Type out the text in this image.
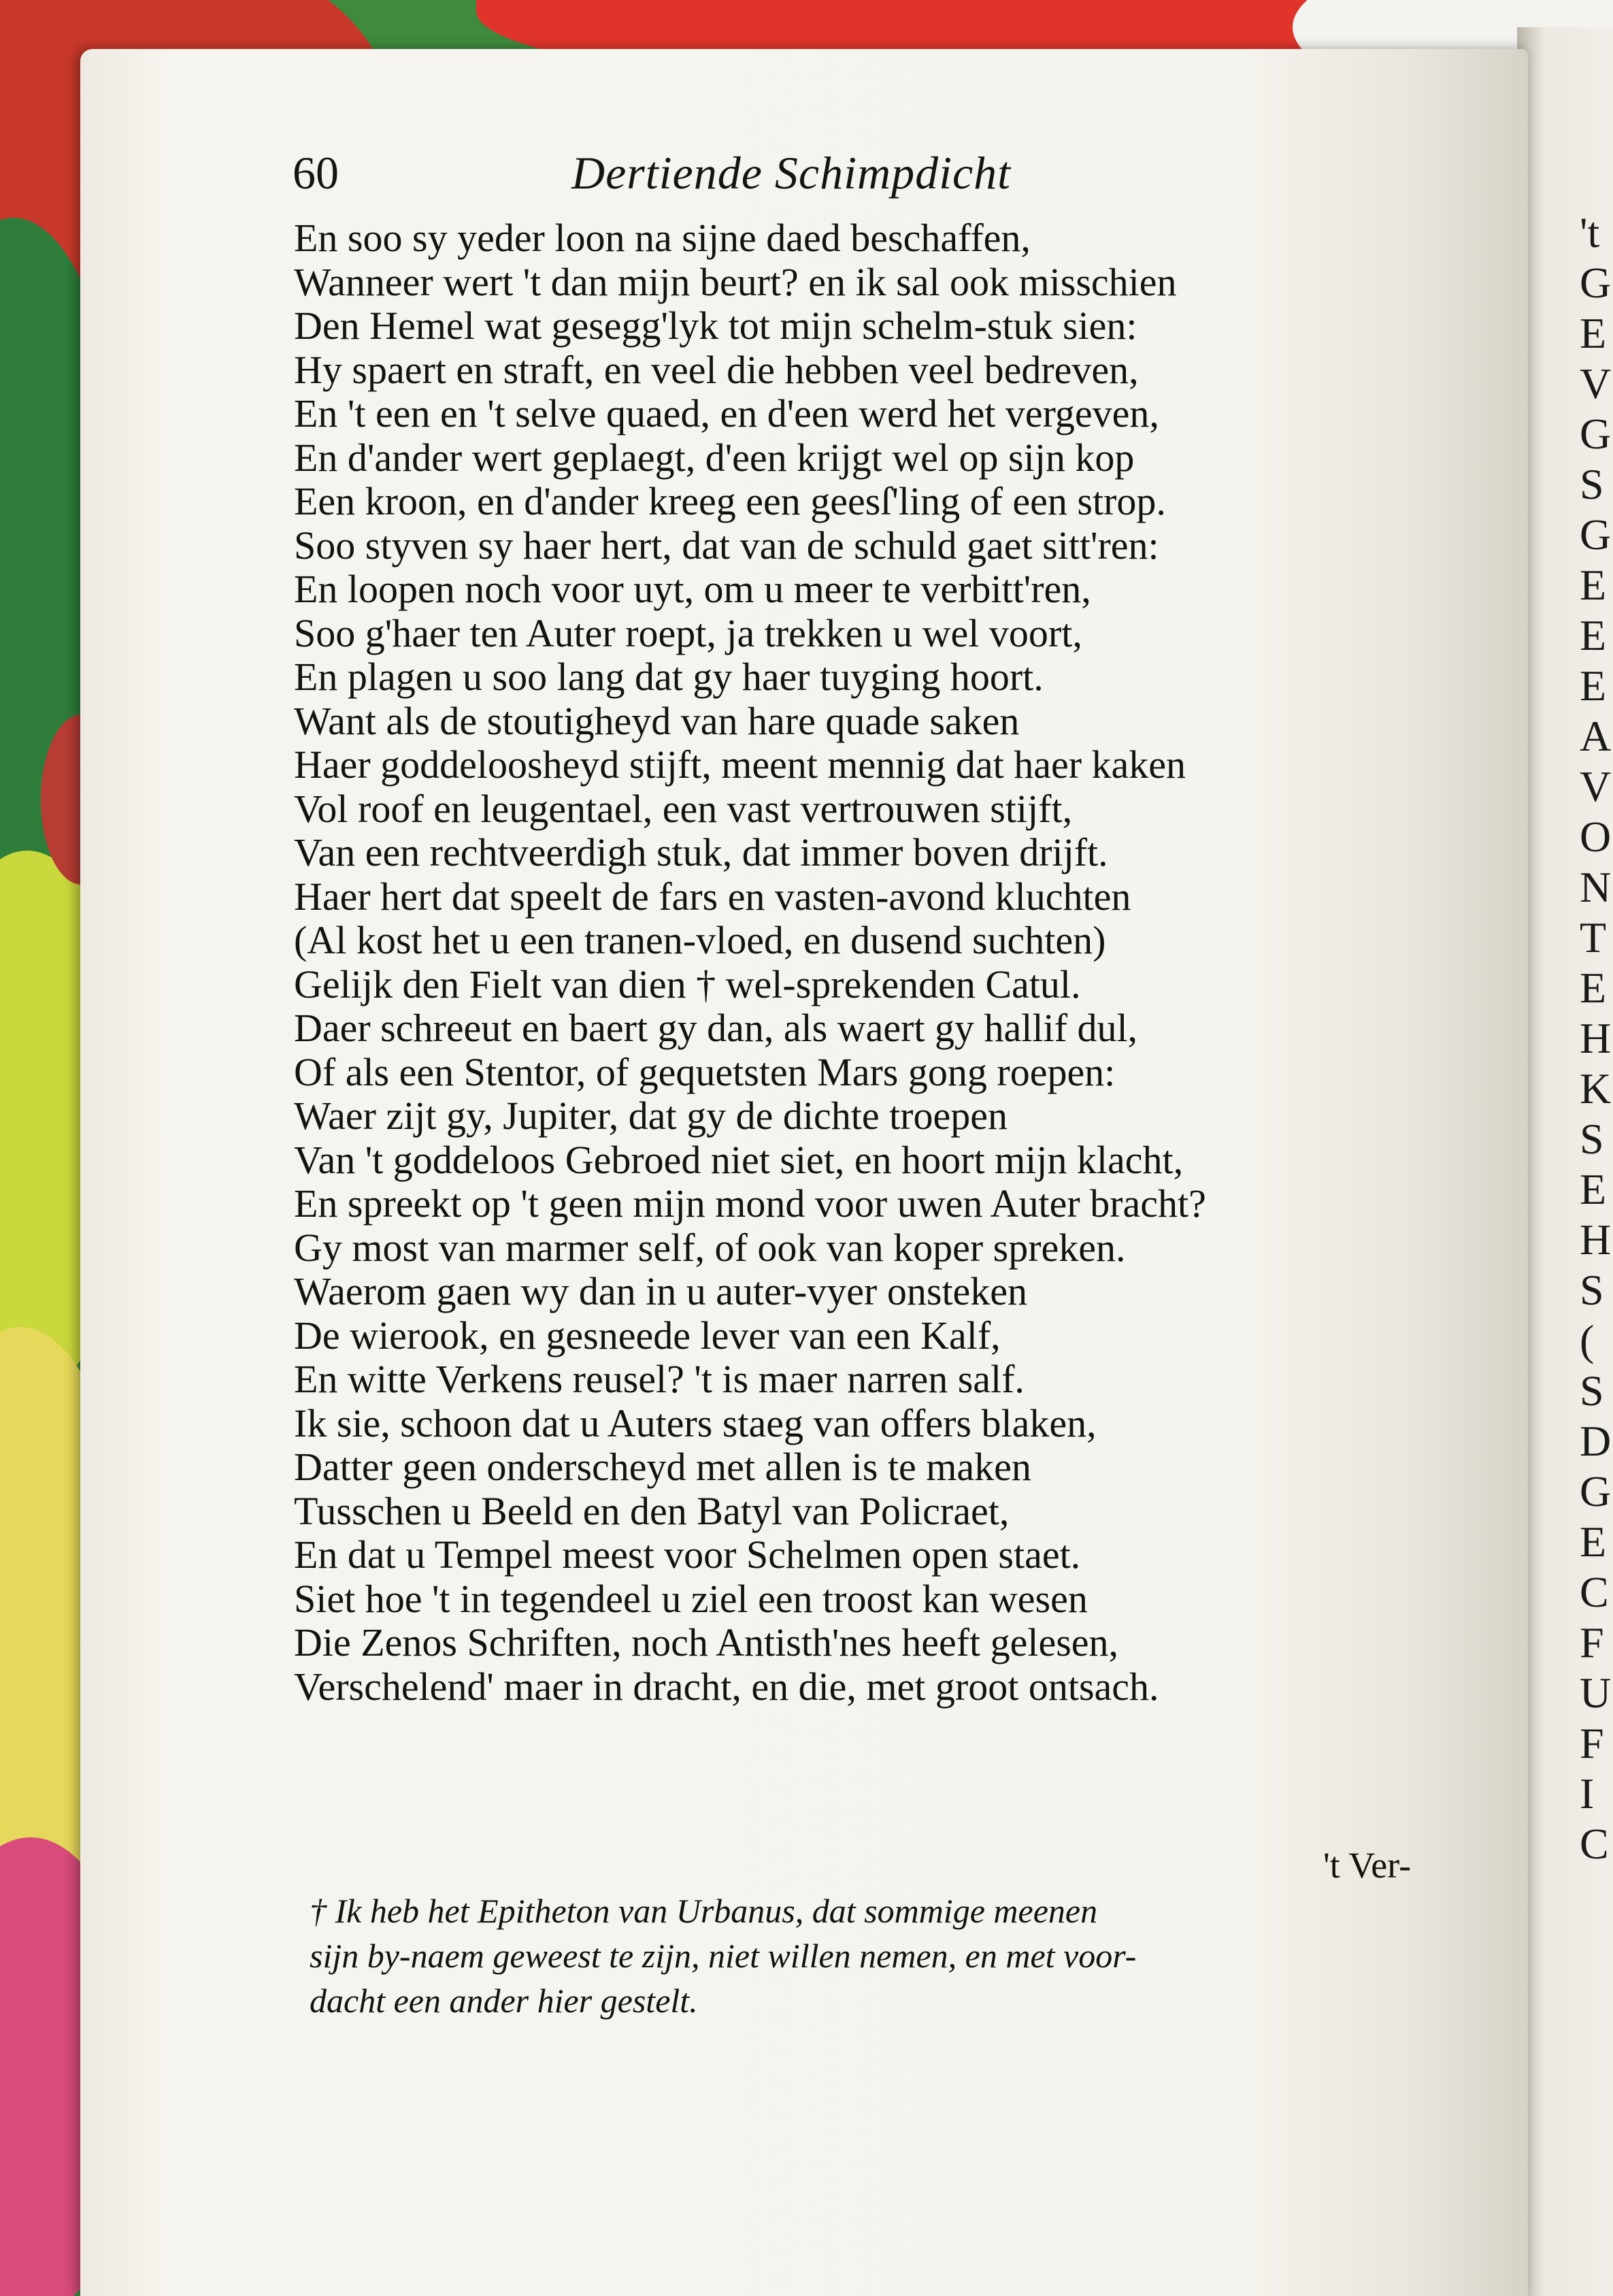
't
G
E
V
G
S
G
E
E
E
A
V
O
N
T
E
H
K
S
E
H
S
(
S
D
G
E
C
F
U
F
I
C
60	Dertiende Schimpdicht
En soo sy yeder loon na sijne daed beschaffen,
Wanneer wert 't dan mijn beurt? en ik sal ook misschien
Den Hemel wat gesegg'lyk tot mijn schelm-stuk sien:
Hy spaert en straft, en veel die hebben veel bedreven,
En 't een en 't selve quaed, en d'een werd het vergeven,
En d'ander wert geplaegt, d'een krijgt wel op sijn kop
Een kroon, en d'ander kreeg een geesſ'ling of een strop.
Soo styven sy haer hert, dat van de schuld gaet sitt'ren:
En loopen noch voor uyt, om u meer te verbitt'ren,
Soo g'haer ten Auter roept, ja trekken u wel voort,
En plagen u soo lang dat gy haer tuyging hoort.
Want als de stoutigheyd van hare quade saken
Haer goddeloosheyd stijft, meent mennig dat haer kaken
Vol roof en leugentael, een vast vertrouwen stijft,
Van een rechtveerdigh stuk, dat immer boven drijft.
Haer hert dat speelt de fars en vasten-avond kluchten
(Al kost het u een tranen-vloed, en dusend suchten)
Gelijk den Fielt van dien † wel-sprekenden Catul.
Daer schreeut en baert gy dan, als waert gy hallif dul,
Of als een Stentor, of gequetsten Mars gong roepen:
Waer zijt gy, Jupiter, dat gy de dichte troepen
Van 't goddeloos Gebroed niet siet, en hoort mijn klacht,
En spreekt op 't geen mijn mond voor uwen Auter bracht?
Gy most van marmer self, of ook van koper spreken.
Waerom gaen wy dan in u auter-vyer onsteken
De wierook, en gesneede lever van een Kalf,
En witte Verkens reusel? 't is maer narren salf.
Ik sie, schoon dat u Auters staeg van offers blaken,
Datter geen onderscheyd met allen is te maken
Tusschen u Beeld en den Batyl van Policraet,
En dat u Tempel meest voor Schelmen open staet.
Siet hoe 't in tegendeel u ziel een troost kan wesen
Die Zenos Schriften, noch Antisth'nes heeft gelesen,
Verschelend' maer in dracht, en die, met groot ontsach.
't Ver-
† Ik heb het Epitheton van Urbanus, dat sommige meenen
sijn by-naem geweest te zijn, niet willen nemen, en met voor-
dacht een ander hier gestelt.
